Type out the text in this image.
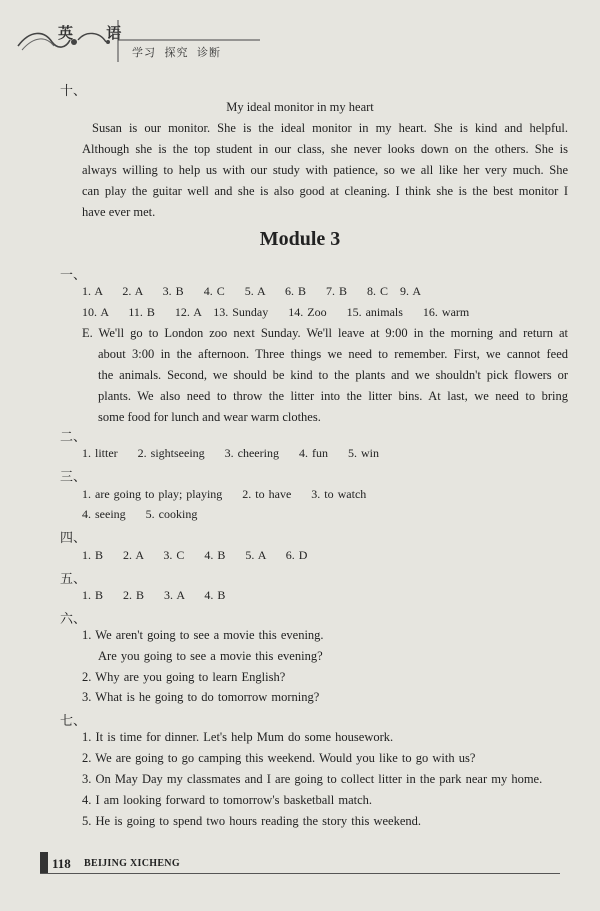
英 语
学习 探究 诊断
十、
My ideal monitor in my heart
Susan is our monitor. She is the ideal monitor in my heart. She is kind and helpful.
Although she is the top student in our class, she never looks down on the others. She is
always willing to help us with our study with patience, so we all like her very much. She
can play the guitar well and she is also good at cleaning. I think she is the best monitor I
have ever met.
Module 3
一、
1. A     2. A     3. B     4. C     5. A     6. B     7. B     8. C   9. A
10. A     11. B     12. A   13. Sunday     14. Zoo     15. animals     16. warm
E. We'll go to London zoo next Sunday. We'll leave at 9:00 in the morning and return at
about 3:00 in the afternoon. Three things we need to remember. First, we cannot feed
the animals. Second, we should be kind to the plants and we shouldn't pick flowers or
plants. We also need to throw the litter into the litter bins. At last, we need to bring
some food for lunch and wear warm clothes.
二、
1. litter     2. sightseeing     3. cheering     4. fun     5. win
三、
1. are going to play; playing     2. to have     3. to watch
4. seeing     5. cooking
四、
1. B     2. A     3. C     4. B     5. A     6. D
五、
1. B     2. B     3. A     4. B
六、
1. We aren't going to see a movie this evening.
Are you going to see a movie this evening?
2. Why are you going to learn English?
3. What is he going to do tomorrow morning?
七、
1. It is time for dinner. Let's help Mum do some housework.
2. We are going to go camping this weekend. Would you like to go with us?
3. On May Day my classmates and I are going to collect litter in the park near my home.
4. I am looking forward to tomorrow's basketball match.
5. He is going to spend two hours reading the story this weekend.
118 BEIJING XICHENG
